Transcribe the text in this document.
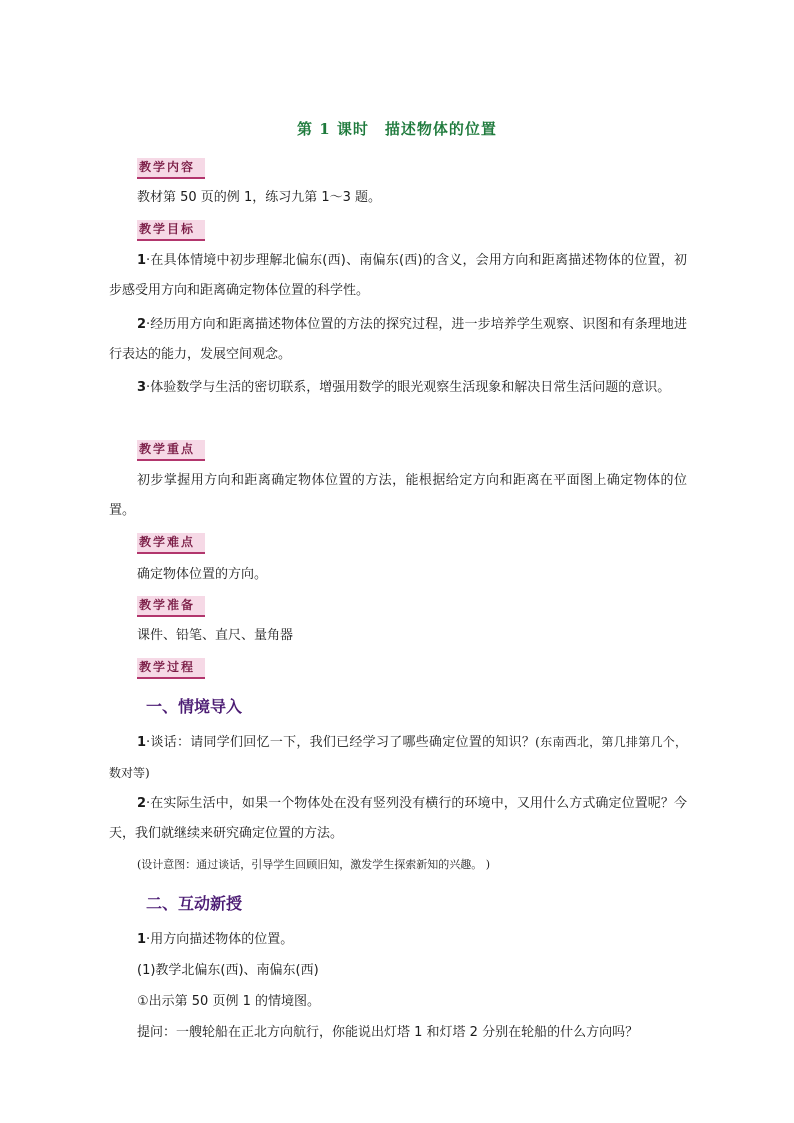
第 1 课时　描述物体的位置
教学内容
教材第 50 页的例 1，练习九第 1～3 题。
教学目标
1·在具体情境中初步理解北偏东(西)、南偏东(西)的含义，会用方向和距离描述物体的位置，初步感受用方向和距离确定物体位置的科学性。
2·经历用方向和距离描述物体位置的方法的探究过程，进一步培养学生观察、识图和有条理地进行表达的能力，发展空间观念。
3·体验数学与生活的密切联系，增强用数学的眼光观察生活现象和解决日常生活问题的意识。
教学重点
初步掌握用方向和距离确定物体位置的方法，能根据给定方向和距离在平面图上确定物体的位置。
教学难点
确定物体位置的方向。
教学准备
课件、铅笔、直尺、量角器
教学过程
一、情境导入
1·谈话：请同学们回忆一下，我们已经学习了哪些确定位置的知识？(东南西北，第几排第几个，数对等)
2·在实际生活中，如果一个物体处在没有竖列没有横行的环境中，又用什么方式确定位置呢？今天，我们就继续来研究确定位置的方法。
(设计意图：通过谈话，引导学生回顾旧知，激发学生探索新知的兴趣。 )
二、互动新授
1·用方向描述物体的位置。
(1)教学北偏东(西)、南偏东(西)
①出示第 50 页例 1 的情境图。
提问：一艘轮船在正北方向航行，你能说出灯塔 1 和灯塔 2 分别在轮船的什么方向吗？
